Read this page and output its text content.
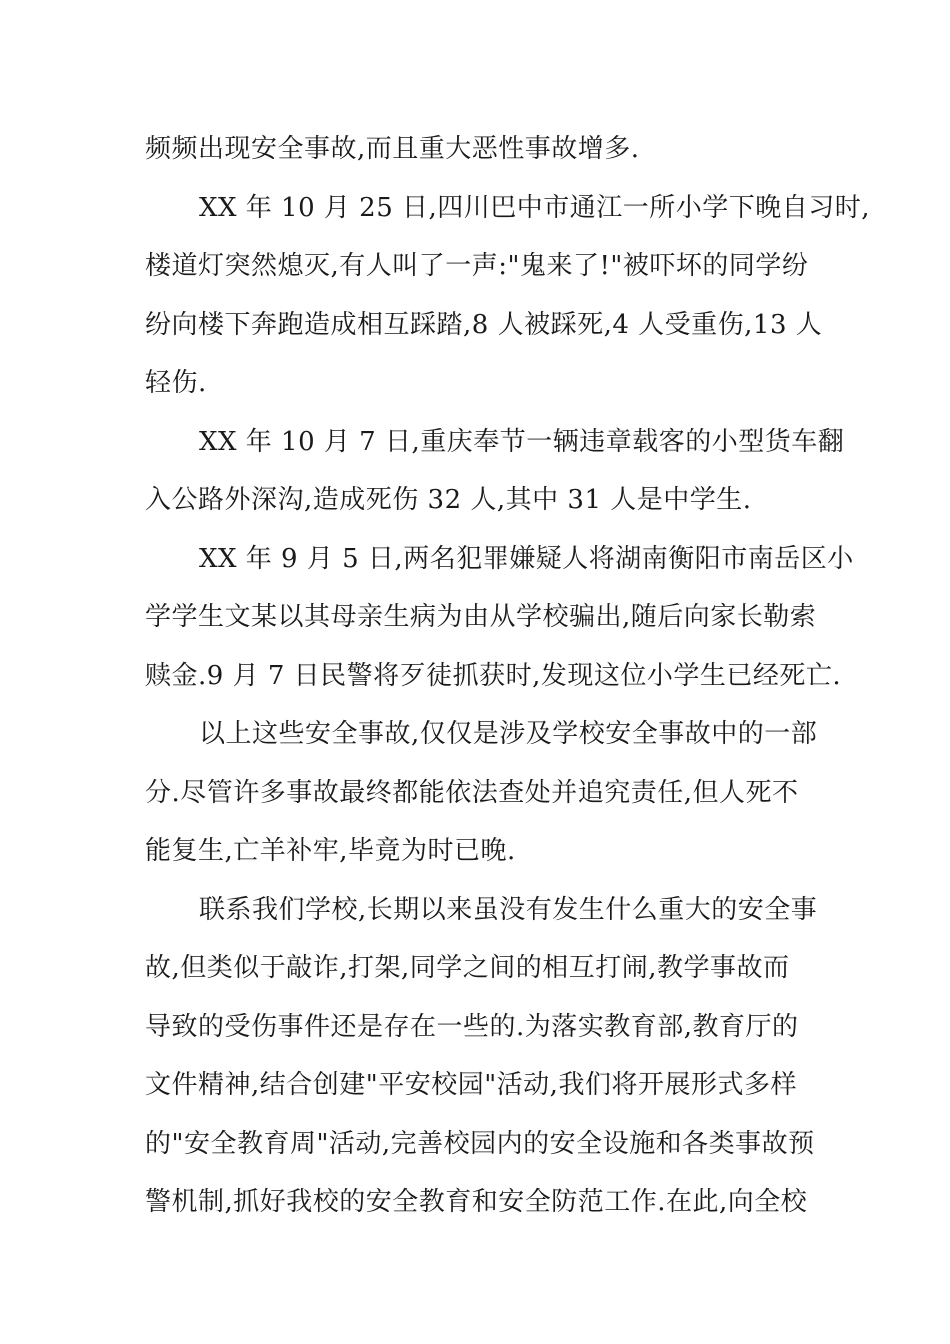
频频出现安全事故,而且重大恶性事故增多.
XX 年 10 月 25 日,四川巴中市通江一所小学下晚自习时,
楼道灯突然熄灭,有人叫了一声:"鬼来了!"被吓坏的同学纷
纷向楼下奔跑造成相互踩踏,8 人被踩死,4 人受重伤,13 人
轻伤.
XX 年 10 月 7 日,重庆奉节一辆违章载客的小型货车翻
入公路外深沟,造成死伤 32 人,其中 31 人是中学生.
XX 年 9 月 5 日,两名犯罪嫌疑人将湖南衡阳市南岳区小
学学生文某以其母亲生病为由从学校骗出,随后向家长勒索
赎金.9 月 7 日民警将歹徒抓获时,发现这位小学生已经死亡.
以上这些安全事故,仅仅是涉及学校安全事故中的一部
分.尽管许多事故最终都能依法查处并追究责任,但人死不
能复生,亡羊补牢,毕竟为时已晚.
联系我们学校,长期以来虽没有发生什么重大的安全事
故,但类似于敲诈,打架,同学之间的相互打闹,教学事故而
导致的受伤事件还是存在一些的.为落实教育部,教育厅的
文件精神,结合创建"平安校园"活动,我们将开展形式多样
的"安全教育周"活动,完善校园内的安全设施和各类事故预
警机制,抓好我校的安全教育和安全防范工作.在此,向全校
